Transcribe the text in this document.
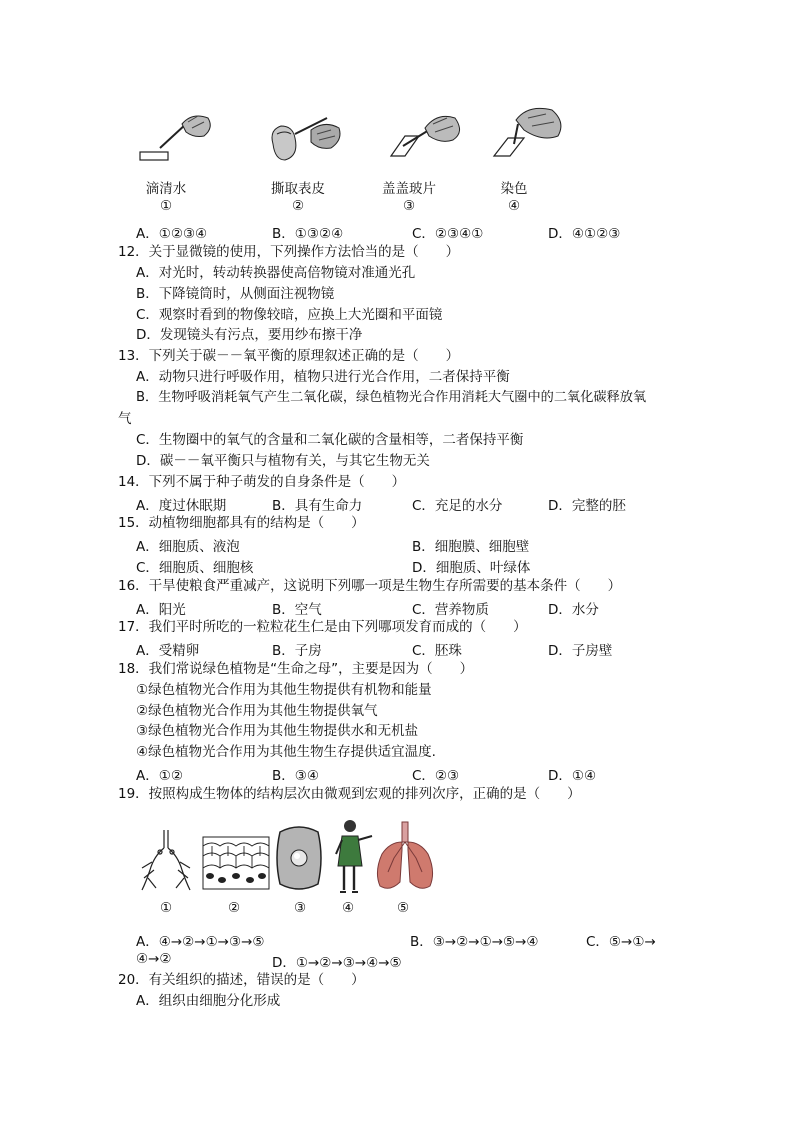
滴清水	撕取表皮	盖盖玻片	染色
①	②	③	④
A．①②③④	B．①③②④	C．②③④①	D．④①②③
12．关于显微镜的使用，下列操作方法恰当的是（　　）
A．对光时，转动转换器使高倍物镜对准通光孔
B．下降镜筒时，从侧面注视物镜
C．观察时看到的物像较暗，应换上大光圈和平面镜
D．发现镜头有污点，要用纱布擦干净
13．下列关于碳－－氧平衡的原理叙述正确的是（　　）
A．动物只进行呼吸作用，植物只进行光合作用，二者保持平衡
B．生物呼吸消耗氧气产生二氧化碳，绿色植物光合作用消耗大气圈中的二氧化碳释放氧
气
C．生物圈中的氧气的含量和二氧化碳的含量相等，二者保持平衡
D．碳－－氧平衡只与植物有关，与其它生物无关
14．下列不属于种子萌发的自身条件是（　　）
A．度过休眠期	B．具有生命力	C．充足的水分	D．完整的胚
15．动植物细胞都具有的结构是（　　）
A．细胞质、液泡	B．细胞膜、细胞壁
C．细胞质、细胞核	D．细胞质、叶绿体
16．干旱使粮食严重减产，这说明下列哪一项是生物生存所需要的基本条件（　　）
A．阳光	B．空气	C．营养物质	D．水分
17．我们平时所吃的一粒粒花生仁是由下列哪项发育而成的（　　）
A．受精卵	B．子房	C．胚珠	D．子房壁
18．我们常说绿色植物是“生命之母”，主要是因为（　　）
①绿色植物光合作用为其他生物提供有机物和能量
②绿色植物光合作用为其他生物提供氧气
③绿色植物光合作用为其他生物提供水和无机盐
④绿色植物光合作用为其他生物生存提供适宜温度.
A．①②	B．③④	C．②③	D．①④
19．按照构成生物体的结构层次由微观到宏观的排列次序，正确的是（　　）
①	②	③	④	⑤
A．④→②→①→③→⑤	B．③→②→①→⑤→④	C．⑤→①→
④→②	D．①→②→③→④→⑤
20．有关组织的描述，错误的是（　　）
A．组织由细胞分化形成
